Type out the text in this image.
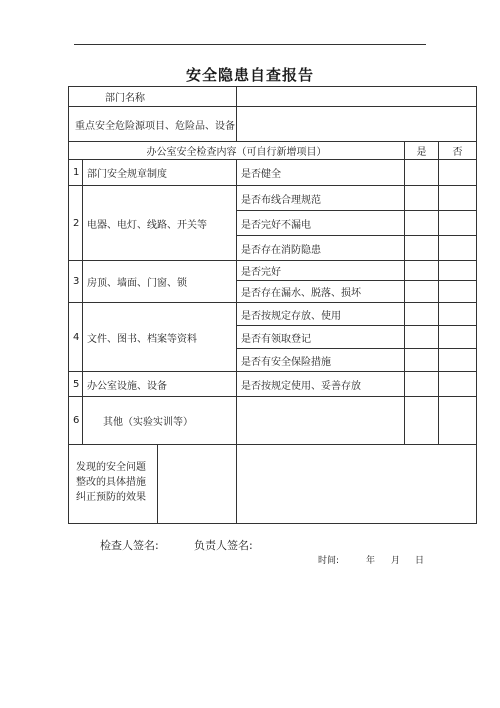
安全隐患自查报告
部门名称				
重点安全危险源项目、危险品、设备				
办公室安全检查内容（可自行新增项目）			是	否
1	部门安全规章制度	是否健全		
2	电器、电灯、线路、开关等	是否布线合理规范		
		是否完好不漏电		
		是否存在消防隐患		
3	房顶、墙面、门窗、锁	是否完好		
		是否存在漏水、脱落、损坏		
4	文件、图书、档案等资料	是否按规定存放、使用		
		是否有领取登记		
		是否有安全保险措施		
5	办公室设施、设备	是否按规定使用、妥善存放		
6	其他（实验实训等）			

发现的安全问题
整改的具体措施
纠正预防的效果				

检查人签名:	负责人签名:
时间:	年 月 日
